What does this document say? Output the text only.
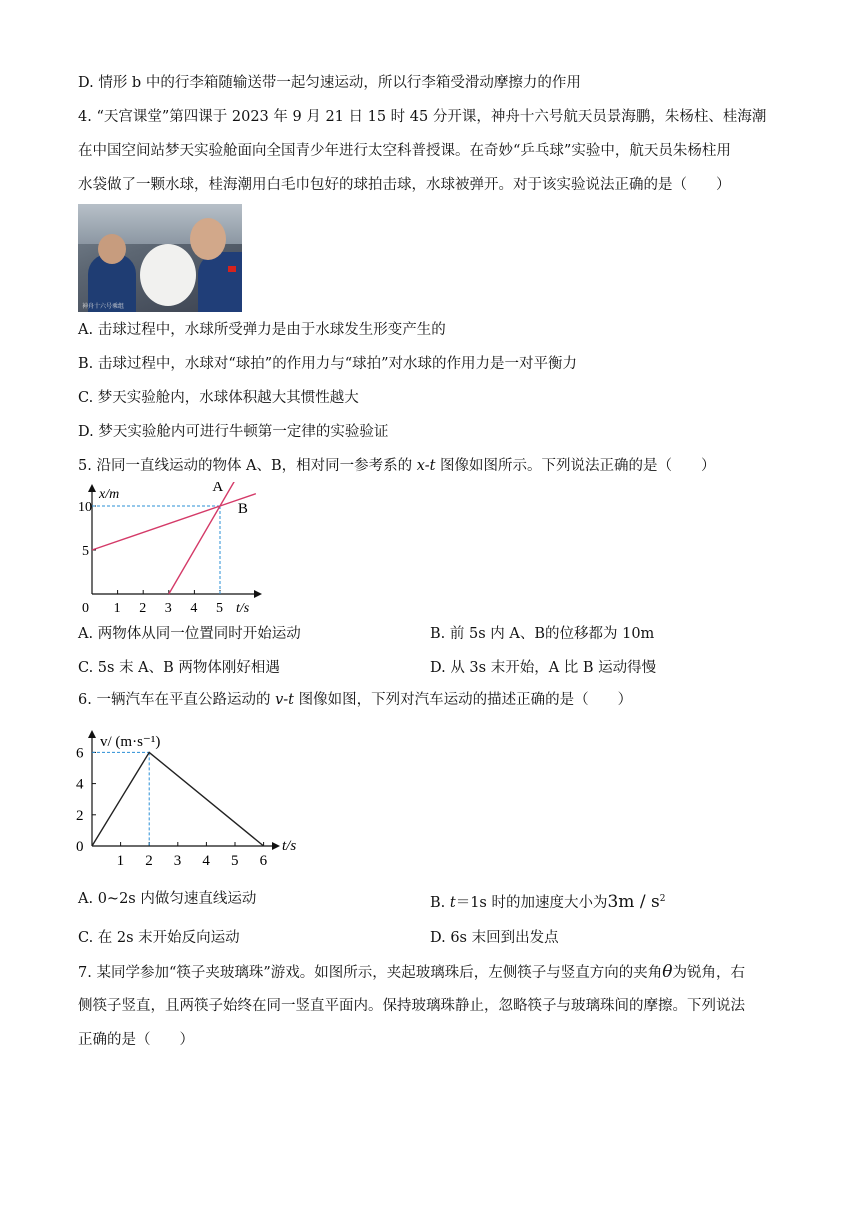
D. 情形 b 中的行李箱随输送带一起匀速运动，所以行李箱受滑动摩擦力的作用
4. “天宫课堂”第四课于 2023 年 9 月 21 日 15 时 45 分开课，神舟十六号航天员景海鹏，朱杨柱、桂海潮
在中国空间站梦天实验舱面向全国青少年进行太空科普授课。在奇妙“乒乓球”实验中，航天员朱杨柱用
水袋做了一颗水球，桂海潮用白毛巾包好的球拍击球，水球被弹开。对于该实验说法正确的是（　　）
神舟十六号乘组
A. 击球过程中，水球所受弹力是由于水球发生形变产生的
B. 击球过程中，水球对“球拍”的作用力与“球拍”对水球的作用力是一对平衡力
C. 梦天实验舱内，水球体积越大其惯性越大
D. 梦天实验舱内可进行牛顿第一定律的实验验证
5. 沿同一直线运动的物体 A、B，相对同一参考系的 x-t 图像如图所示。下列说法正确的是（　　）
0 1 2 3 4 5
5
10
t/s
x/m	A
B
A. 两物体从同一位置同时开始运动	B. 前 5s 内 A、B的位移都为 10m
C. 5s 末 A、B 两物体刚好相遇	D. 从 3s 末开始，A 比 B 运动得慢
6. 一辆汽车在平直公路运动的 v-t 图像如图，下列对汽车运动的描述正确的是（　　）
1 2 3 4 5 6
0
2
4
6
t/s
v/ (m·s⁻¹)
A. 0~2s 内做匀速直线运动	B. t＝1s 时的加速度大小为$3m / s^2$
C. 在 2s 末开始反向运动	D. 6s 末回到出发点
7. 某同学参加“筷子夹玻璃珠”游戏。如图所示，夹起玻璃珠后，左侧筷子与竖直方向的夹角θ为锐角，右
侧筷子竖直，且两筷子始终在同一竖直平面内。保持玻璃珠静止，忽略筷子与玻璃珠间的摩擦。下列说法
正确的是（　　）
